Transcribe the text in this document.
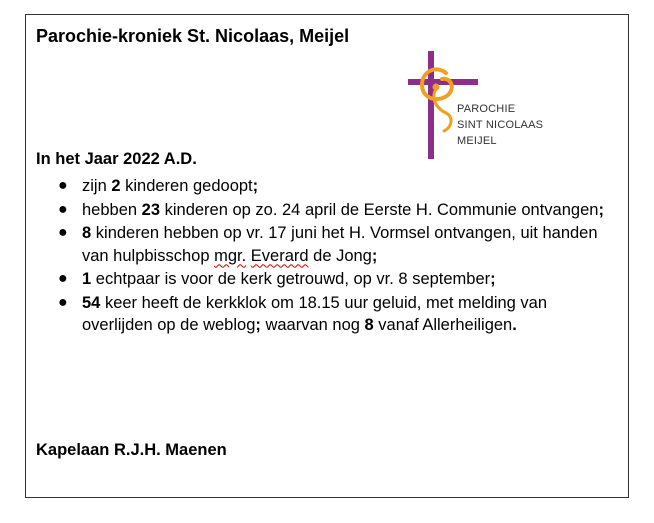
Parochie-kroniek St. Nicolaas, Meijel
PAROCHIE
SINT NICOLAAS
MEIJEL
In het Jaar 2022 A.D.
● zijn 2 kinderen gedoopt;
● hebben 23 kinderen op zo. 24 april de Eerste H. Communie ontvangen;
● 8 kinderen hebben op vr. 17 juni het H. Vormsel ontvangen, uit handen van hulpbisschop mgr. Everard de Jong;
● 1 echtpaar is voor de kerk getrouwd, op vr. 8 september;
● 54 keer heeft de kerkklok om 18.15 uur geluid, met melding van overlijden op de weblog; waarvan nog 8 vanaf Allerheiligen.
Kapelaan R.J.H. Maenen
